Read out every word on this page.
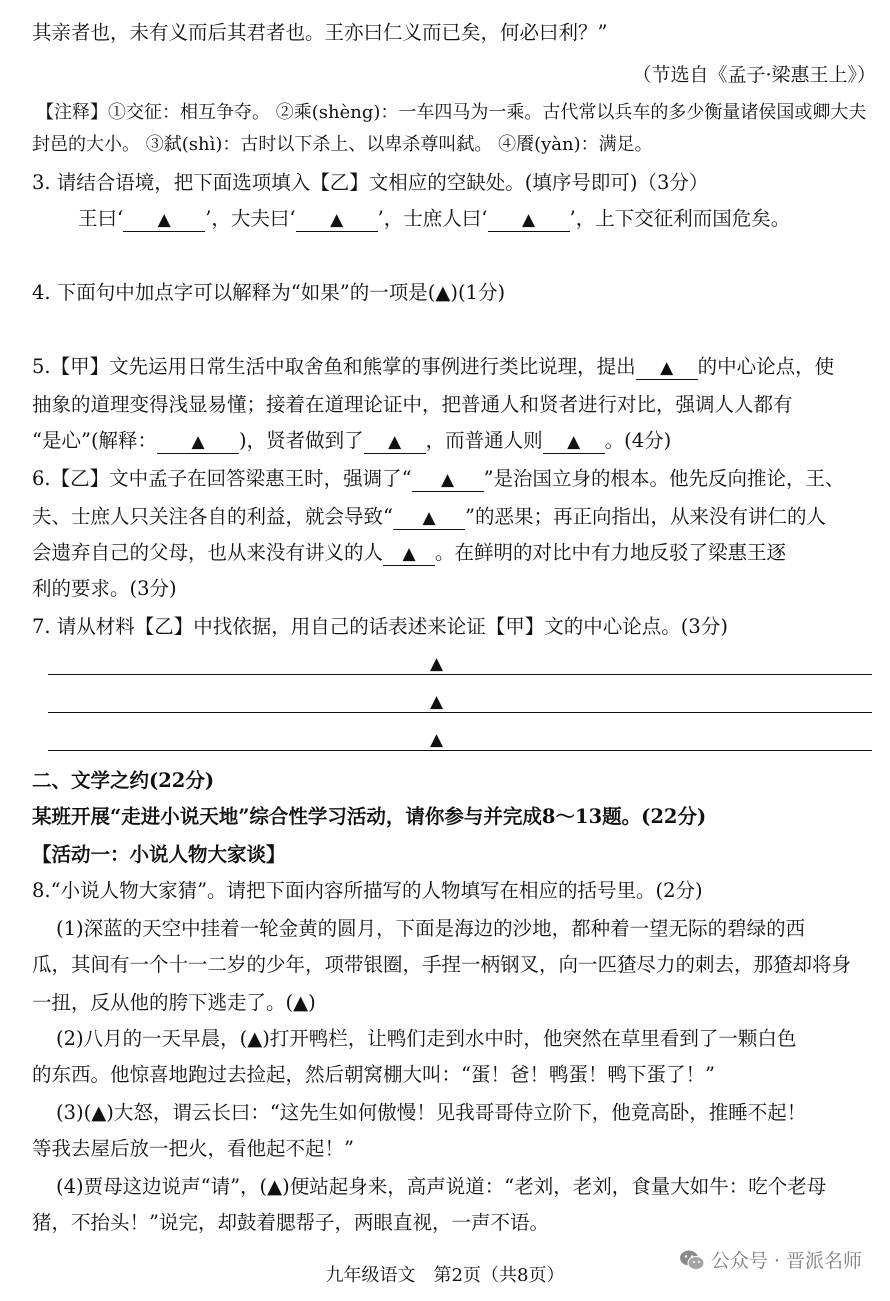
其亲者也，未有义而后其君者也。王亦曰仁义而已矣，何必曰利？”
（节选自《孟子·梁惠王上》）
【注释】①交征：相互争夺。 ②乘(shèng)：一车四马为一乘。古代常以兵车的多少衡量诸侯国或卿大夫
封邑的大小。 ③弑(shì)：古时以下杀上、以卑杀尊叫弑。 ④餍(yàn)：满足。
3. 请结合语境，把下面选项填入【乙】文相应的空缺处。(填序号即可)（3分）
王曰‘ ▲ ’，大夫曰‘ ▲ ’，士庶人曰‘ ▲ ’，上下交征利而国危矣。
4. 下面句中加点字可以解释为“如果”的一项是(▲)(1分)
5.【甲】文先运用日常生活中取舍鱼和熊掌的事例进行类比说理，提出 ▲ 的中心论点，使
抽象的道理变得浅显易懂；接着在道理论证中，把普通人和贤者进行对比，强调人人都有
“是心”(解释： ▲ )，贤者做到了 ▲ ，而普通人则 ▲ 。(4分)
6.【乙】文中孟子在回答梁惠王时，强调了“ ▲ ”是治国立身的根本。他先反向推论，王、
夫、士庶人只关注各自的利益，就会导致“ ▲ ”的恶果；再正向指出，从来没有讲仁的人
会遗弃自己的父母，也从来没有讲义的人 ▲ 。在鲜明的对比中有力地反驳了梁惠王逐
利的要求。(3分)
7. 请从材料【乙】中找依据，用自己的话表述来论证【甲】文的中心论点。(3分)
▲
▲
▲
二、文学之约(22分)
某班开展“走进小说天地”综合性学习活动，请你参与并完成8～13题。(22分)
【活动一：小说人物大家谈】
8.“小说人物大家猜”。请把下面内容所描写的人物填写在相应的括号里。(2分)
(1)深蓝的天空中挂着一轮金黄的圆月，下面是海边的沙地，都种着一望无际的碧绿的西
瓜，其间有一个十一二岁的少年，项带银圈，手捏一柄钢叉，向一匹猹尽力的刺去，那猹却将身
一扭，反从他的胯下逃走了。(▲)
(2)八月的一天早晨，(▲)打开鸭栏，让鸭们走到水中时，他突然在草里看到了一颗白色
的东西。他惊喜地跑过去捡起，然后朝窝棚大叫：“蛋！爸！鸭蛋！鸭下蛋了！”
(3)(▲)大怒，谓云长曰：“这先生如何傲慢！见我哥哥侍立阶下，他竟高卧，推睡不起！
等我去屋后放一把火，看他起不起！”
(4)贾母这边说声“请”，(▲)便站起身来，高声说道：“老刘，老刘，食量大如牛：吃个老母
猪，不抬头！”说完，却鼓着腮帮子，两眼直视，一声不语。
公众号 · 晋派名师
九年级语文　第2页（共8页）
